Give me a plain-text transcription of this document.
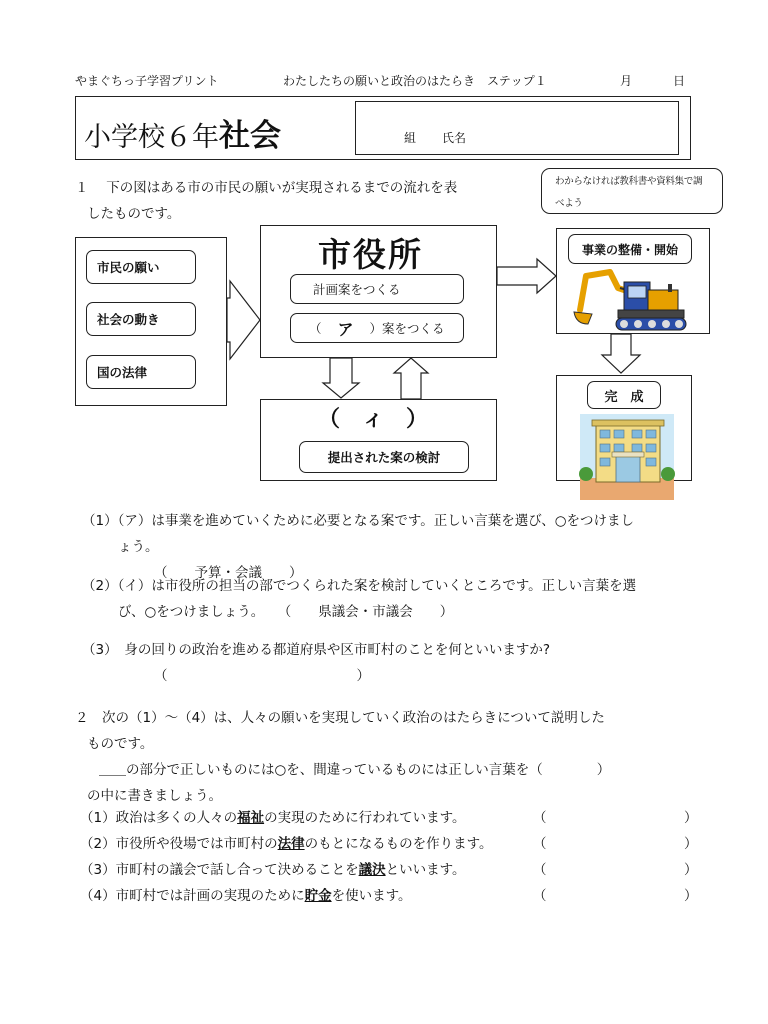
やまぐちっ子学習プリント	わたしたちの願いと政治のはたらき　ステップ１	月	日
小学校６年社会	組 氏名
わからなければ教科書や資料集で調
べよう
１　 下の図はある市の市民の願いが実現されるまでの流れを表
したものです。
市民の願い
社会の動き
国の法律
市役所
計画案をつくる
（ ア ）案をつくる
（　ィ　）
提出された案の検討
事業の整備・開始
完　成
（1）（ア）は事業を進めていくために必要となる案です。正しい言葉を選び、○をつけまし
ょう。
（　　予算・会議　　）
（2）（イ）は市役所の担当の部でつくられた案を検討していくところです。正しい言葉を選
び、○をつけましょう。　　（　　県議会・市議会　　）
（3）　身の回りの政治を進める都道府県や区市町村のことを何といいますか?
（　　　　　　　　　　　　　　）
２　次の（1）～（4）は、人々の願いを実現していく政治のはたらきについて説明した
ものです。
＿＿の部分で正しいものには○を、間違っているものには正しい言葉を（　　　　）
の中に書きましょう。
（1）政治は多くの人々の福祉の実現のために行われています。	（	）
（2）市役所や役場では市町村の法律のもとになるものを作ります。	（	）
（3）市町村の議会で話し合って決めることを議決といいます。	（	）
（4）市町村では計画の実現のために貯金を使います。	（	）
